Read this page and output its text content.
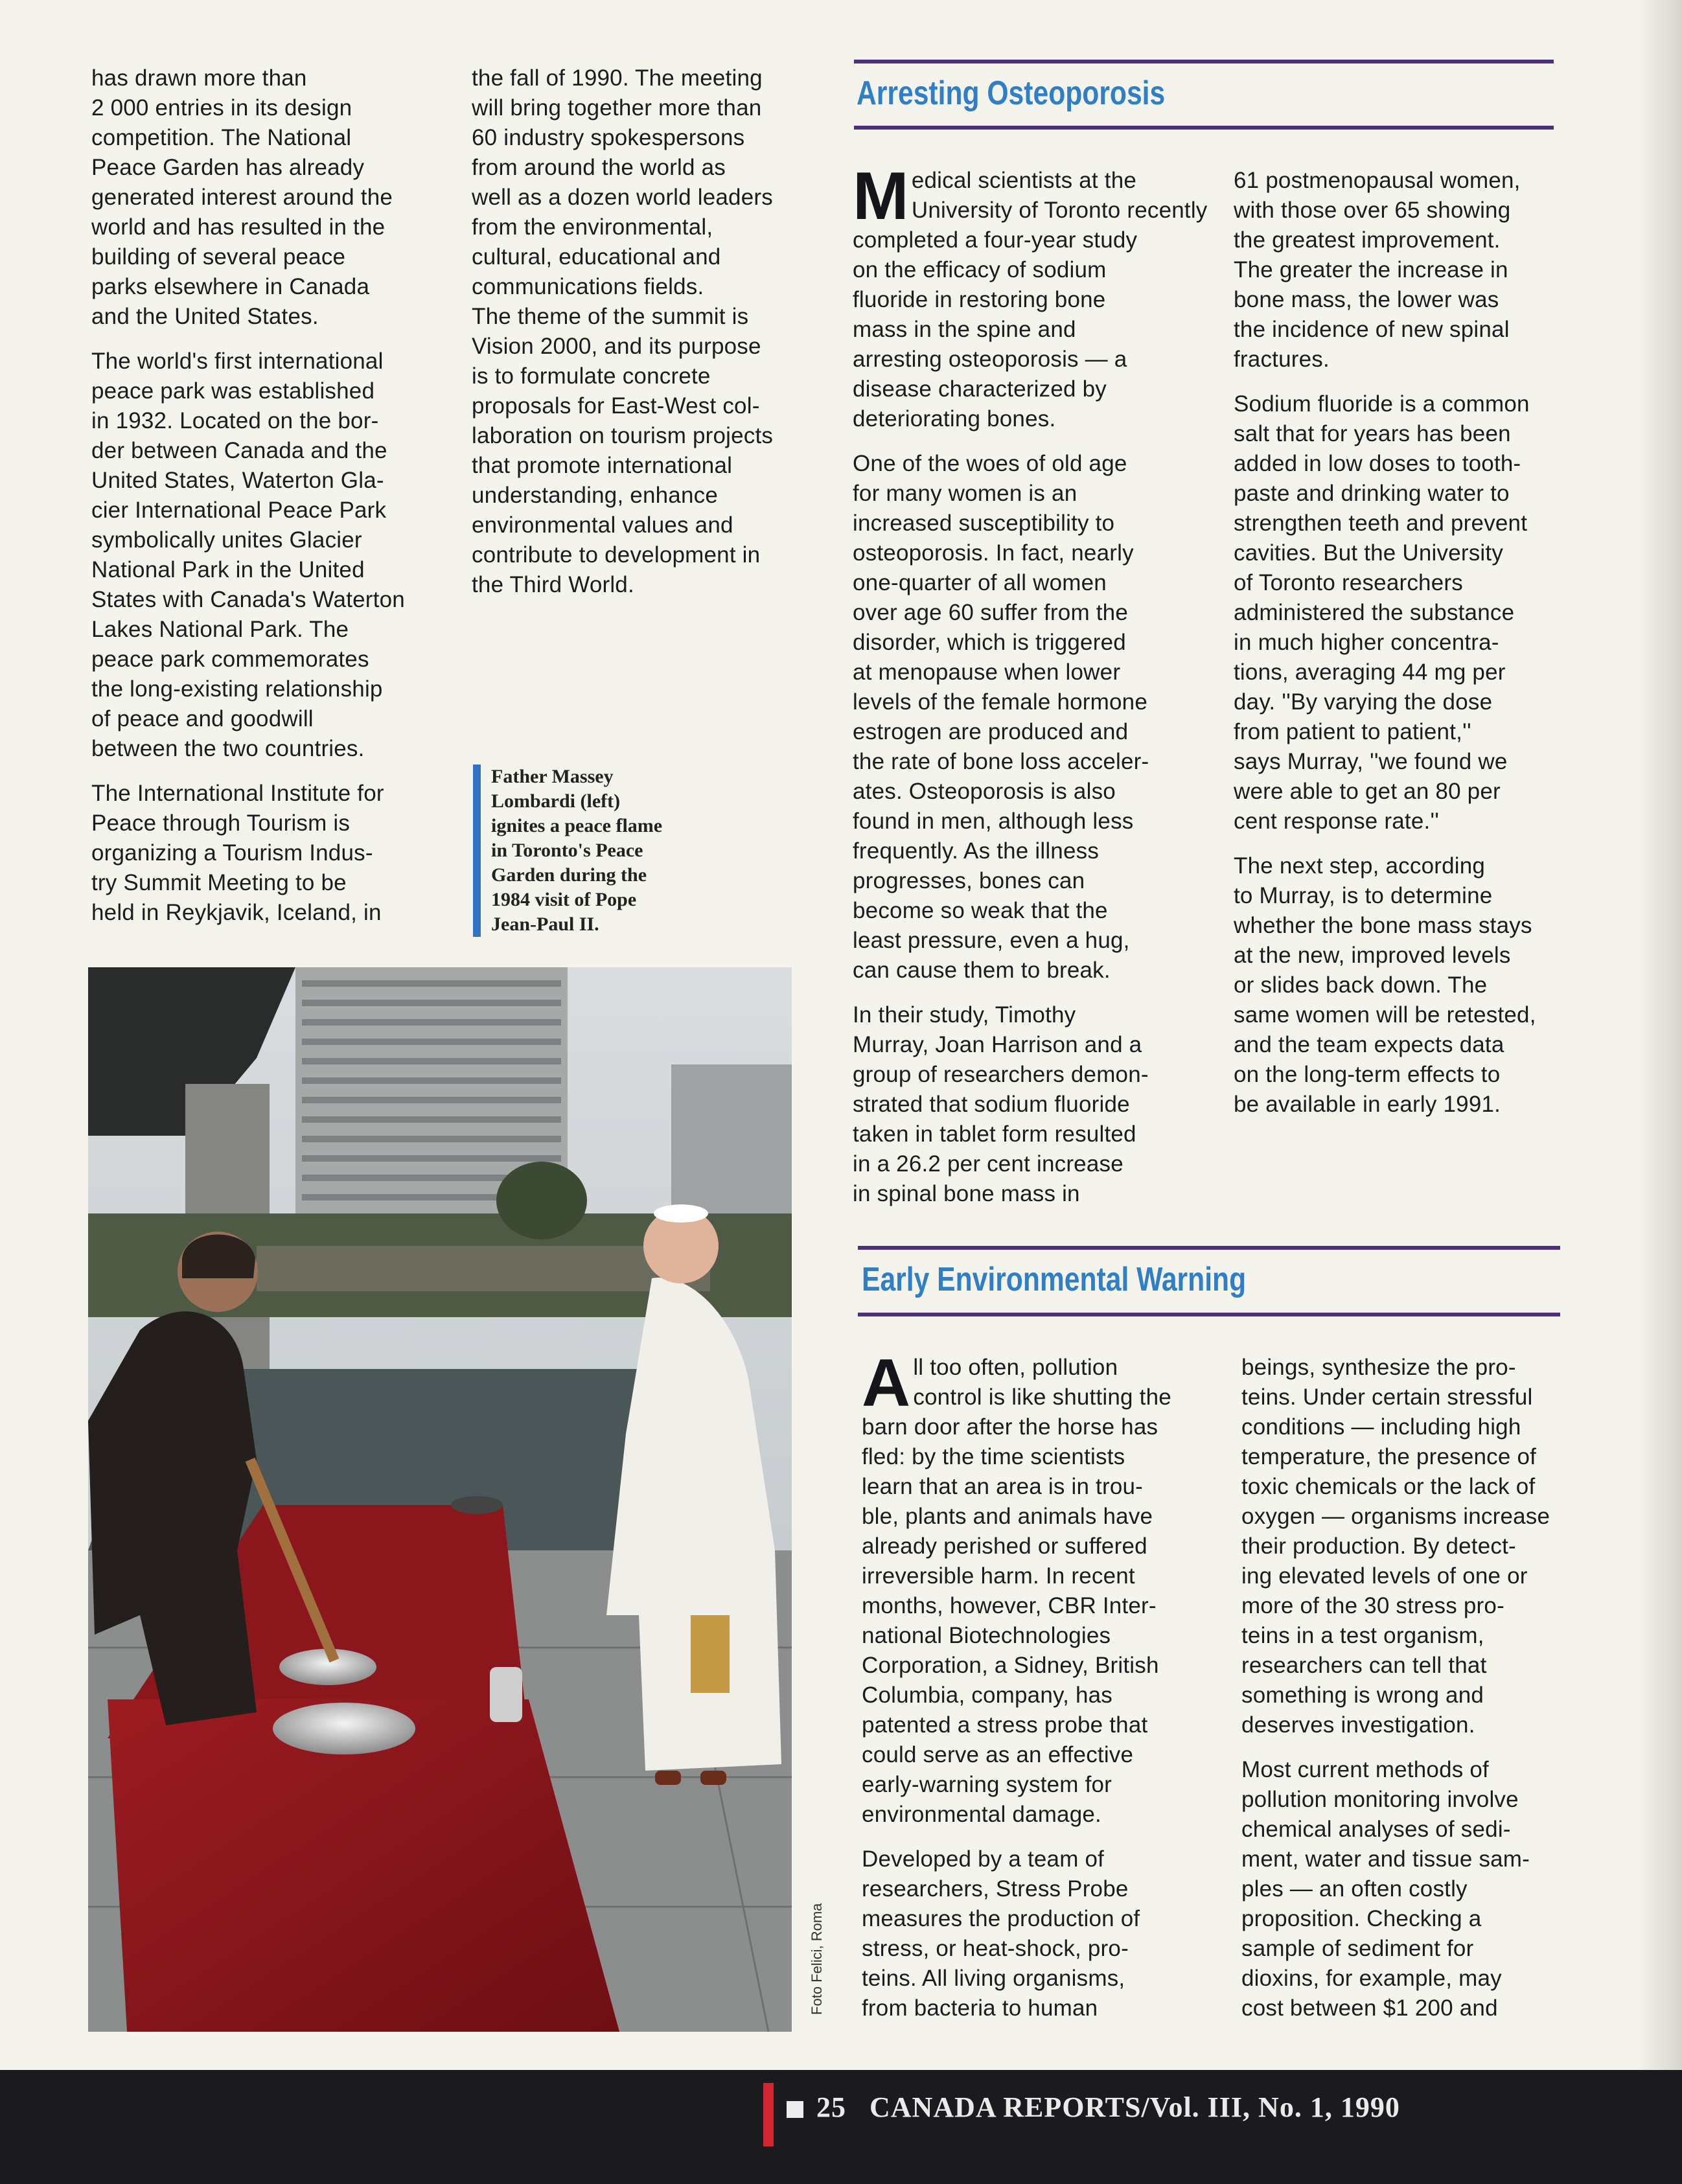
has drawn more than
2 000 entries in its design
competition. The National
Peace Garden has already
generated interest around the
world and has resulted in the
building of several peace
parks elsewhere in Canada
and the United States.

The world's first international
peace park was established
in 1932. Located on the bor-
der between Canada and the
United States, Waterton Gla-
cier International Peace Park
symbolically unites Glacier
National Park in the United
States with Canada's Waterton
Lakes National Park. The
peace park commemorates
the long-existing relationship
of peace and goodwill
between the two countries.

The International Institute for
Peace through Tourism is
organizing a Tourism Indus-
try Summit Meeting to be
held in Reykjavik, Iceland, in

the fall of 1990. The meeting
will bring together more than
60 industry spokespersons
from around the world as
well as a dozen world leaders
from the environmental,
cultural, educational and
communications fields.
The theme of the summit is
Vision 2000, and its purpose
is to formulate concrete
proposals for East-West col-
laboration on tourism projects
that promote international
understanding, enhance
environmental values and
contribute to development in
the Third World.

Father Massey
Lombardi (left)
ignites a peace flame
in Toronto's Peace
Garden during the
1984 visit of Pope
Jean-Paul II.
Foto Felici, Roma
Arresting Osteoporosis

Medical scientists at the
University of Toronto recently
completed a four-year study
on the efficacy of sodium
fluoride in restoring bone
mass in the spine and
arresting osteoporosis — a
disease characterized by
deteriorating bones.

One of the woes of old age
for many women is an
increased susceptibility to
osteoporosis. In fact, nearly
one-quarter of all women
over age 60 suffer from the
disorder, which is triggered
at menopause when lower
levels of the female hormone
estrogen are produced and
the rate of bone loss acceler-
ates. Osteoporosis is also
found in men, although less
frequently. As the illness
progresses, bones can
become so weak that the
least pressure, even a hug,
can cause them to break.

In their study, Timothy
Murray, Joan Harrison and a
group of researchers demon-
strated that sodium fluoride
taken in tablet form resulted
in a 26.2 per cent increase
in spinal bone mass in

61 postmenopausal women,
with those over 65 showing
the greatest improvement.
The greater the increase in
bone mass, the lower was
the incidence of new spinal
fractures.

Sodium fluoride is a common
salt that for years has been
added in low doses to tooth-
paste and drinking water to
strengthen teeth and prevent
cavities. But the University
of Toronto researchers
administered the substance
in much higher concentra-
tions, averaging 44 mg per
day. ''By varying the dose
from patient to patient,''
says Murray, ''we found we
were able to get an 80 per
cent response rate.''

The next step, according
to Murray, is to determine
whether the bone mass stays
at the new, improved levels
or slides back down. The
same women will be retested,
and the team expects data
on the long-term effects to
be available in early 1991.

Early Environmental Warning

All too often, pollution
control is like shutting the
barn door after the horse has
fled: by the time scientists
learn that an area is in trou-
ble, plants and animals have
already perished or suffered
irreversible harm. In recent
months, however, CBR Inter-
national Biotechnologies
Corporation, a Sidney, British
Columbia, company, has
patented a stress probe that
could serve as an effective
early-warning system for
environmental damage.

Developed by a team of
researchers, Stress Probe
measures the production of
stress, or heat-shock, pro-
teins. All living organisms,
from bacteria to human

beings, synthesize the pro-
teins. Under certain stressful
conditions — including high
temperature, the presence of
toxic chemicals or the lack of
oxygen — organisms increase
their production. By detect-
ing elevated levels of one or
more of the 30 stress pro-
teins in a test organism,
researchers can tell that
something is wrong and
deserves investigation.

Most current methods of
pollution monitoring involve
chemical analyses of sedi-
ment, water and tissue sam-
ples — an often costly
proposition. Checking a
sample of sediment for
dioxins, for example, may
cost between $1 200 and

25 CANADA REPORTS/Vol. III, No. 1, 1990
